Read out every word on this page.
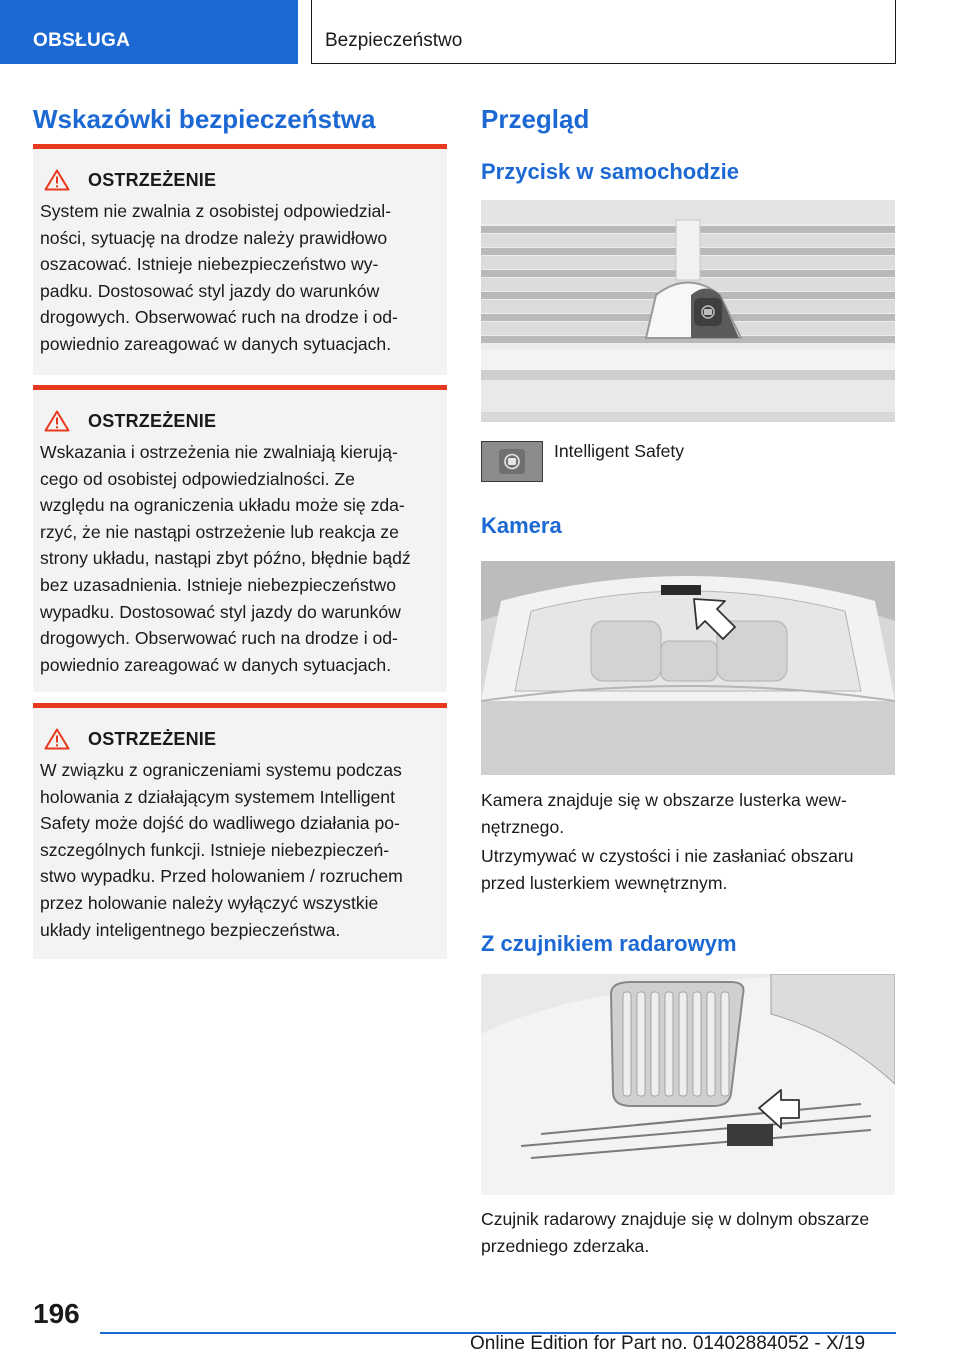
OBSŁUGA	Bezpieczeństwo
Wskazówki bezpieczeństwa
OSTRZEŻENIE
System nie zwalnia z osobistej odpowiedzial-
ności, sytuację na drodze należy prawidłowo
oszacować. Istnieje niebezpieczeństwo wy-
padku. Dostosować styl jazdy do warunków
drogowych. Obserwować ruch na drodze i od-
powiednio zareagować w danych sytuacjach.
OSTRZEŻENIE
Wskazania i ostrzeżenia nie zwalniają kierują-
cego od osobistej odpowiedzialności. Ze
względu na ograniczenia układu może się zda-
rzyć, że nie nastąpi ostrzeżenie lub reakcja ze
strony układu, nastąpi zbyt późno, błędnie bądź
bez uzasadnienia. Istnieje niebezpieczeństwo
wypadku. Dostosować styl jazdy do warunków
drogowych. Obserwować ruch na drodze i od-
powiednio zareagować w danych sytuacjach.
OSTRZEŻENIE
W związku z ograniczeniami systemu podczas
holowania z działającym systemem Intelligent
Safety może dojść do wadliwego działania po-
szczególnych funkcji. Istnieje niebezpieczeń-
stwo wypadku. Przed holowaniem / rozruchem
przez holowanie należy wyłączyć wszystkie
układy inteligentnego bezpieczeństwa.
Przegląd
Przycisk w samochodzie
Intelligent Safety
Kamera
Kamera znajduje się w obszarze lusterka wew-
nętrznego.
Utrzymywać w czystości i nie zasłaniać obszaru
przed lusterkiem wewnętrznym.
Z czujnikiem radarowym
Czujnik radarowy znajduje się w dolnym obszarze
przedniego zderzaka.
196
Online Edition for Part no. 01402884052 - X/19
